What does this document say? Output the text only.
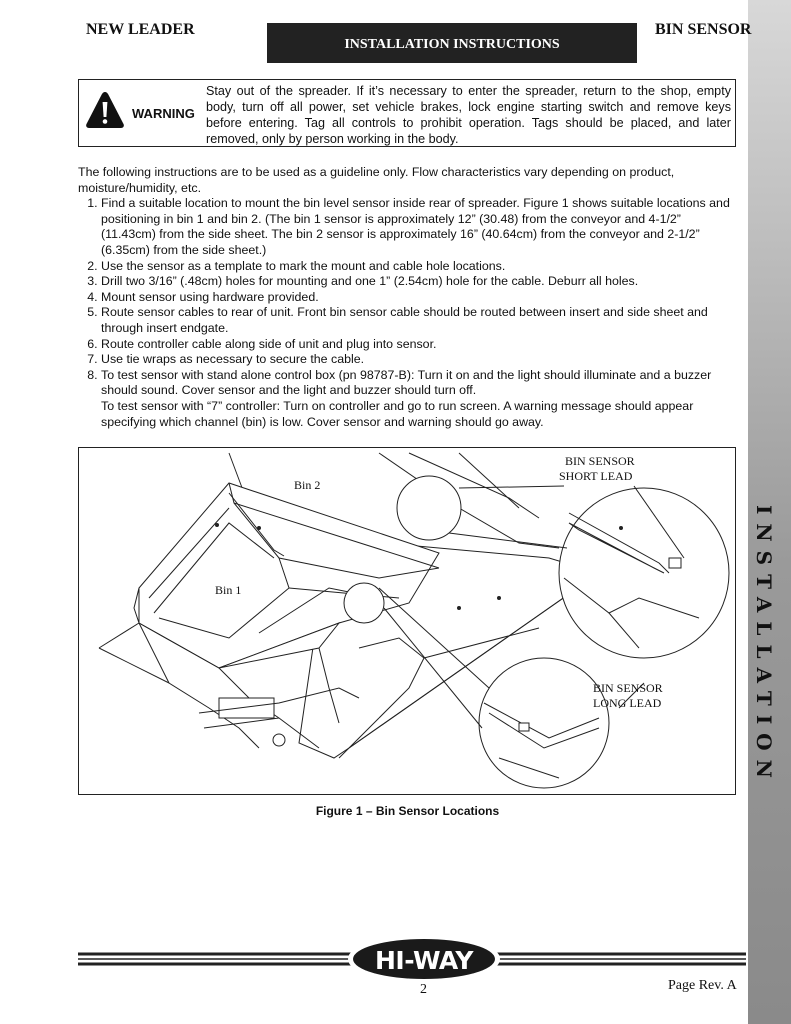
INSTALLATION
NEW LEADER	BIN SENSOR
INSTALLATION INSTRUCTIONS
WARNING
Stay out of the spreader. If it’s necessary to enter the spreader, return to the shop, empty body, turn off all power, set vehicle brakes, lock engine starting switch and remove keys before entering. Tag all controls to prohibit operation. Tags should be placed, and later removed, only by person working in the body.

The following instructions are to be used as a guideline only. Flow characteristics vary depending on product, moisture/humidity, etc.

1. Find a suitable location to mount the bin level sensor inside rear of spreader. Figure 1 shows suitable locations and positioning in bin 1 and bin 2. (The bin 1 sensor is approximately 12” (30.48) from the conveyor and 4-1/2” (11.43cm) from the side sheet. The bin 2 sensor is approximately 16” (40.64cm) from the conveyor and 2-1/2” (6.35cm) from the side sheet.)
2. Use the sensor as a template to mark the mount and cable hole locations.
3. Drill two 3/16” (.48cm) holes for mounting and one 1” (2.54cm) hole for the cable. Deburr all holes.
4. Mount sensor using hardware provided.
5. Route sensor cables to rear of unit. Front bin sensor cable should be routed between insert and side sheet and through insert endgate.
6. Route controller cable along side of unit and plug into sensor.
7. Use tie wraps as necessary to secure the cable.
8. To test sensor with stand alone control box (pn 98787-B): Turn it on and the light should illuminate and a buzzer should sound. Cover sensor and the light and buzzer should turn off.

To test sensor with “7” controller: Turn on controller and go to run screen. A warning message should appear specifying which channel (bin) is low. Cover sensor and warning should go away.

Bin 2
Bin 1
BIN SENSOR
SHORT LEAD
BIN SENSOR
LONG LEAD
Figure 1 – Bin Sensor Locations
HI-WAY
2	Page Rev. A
